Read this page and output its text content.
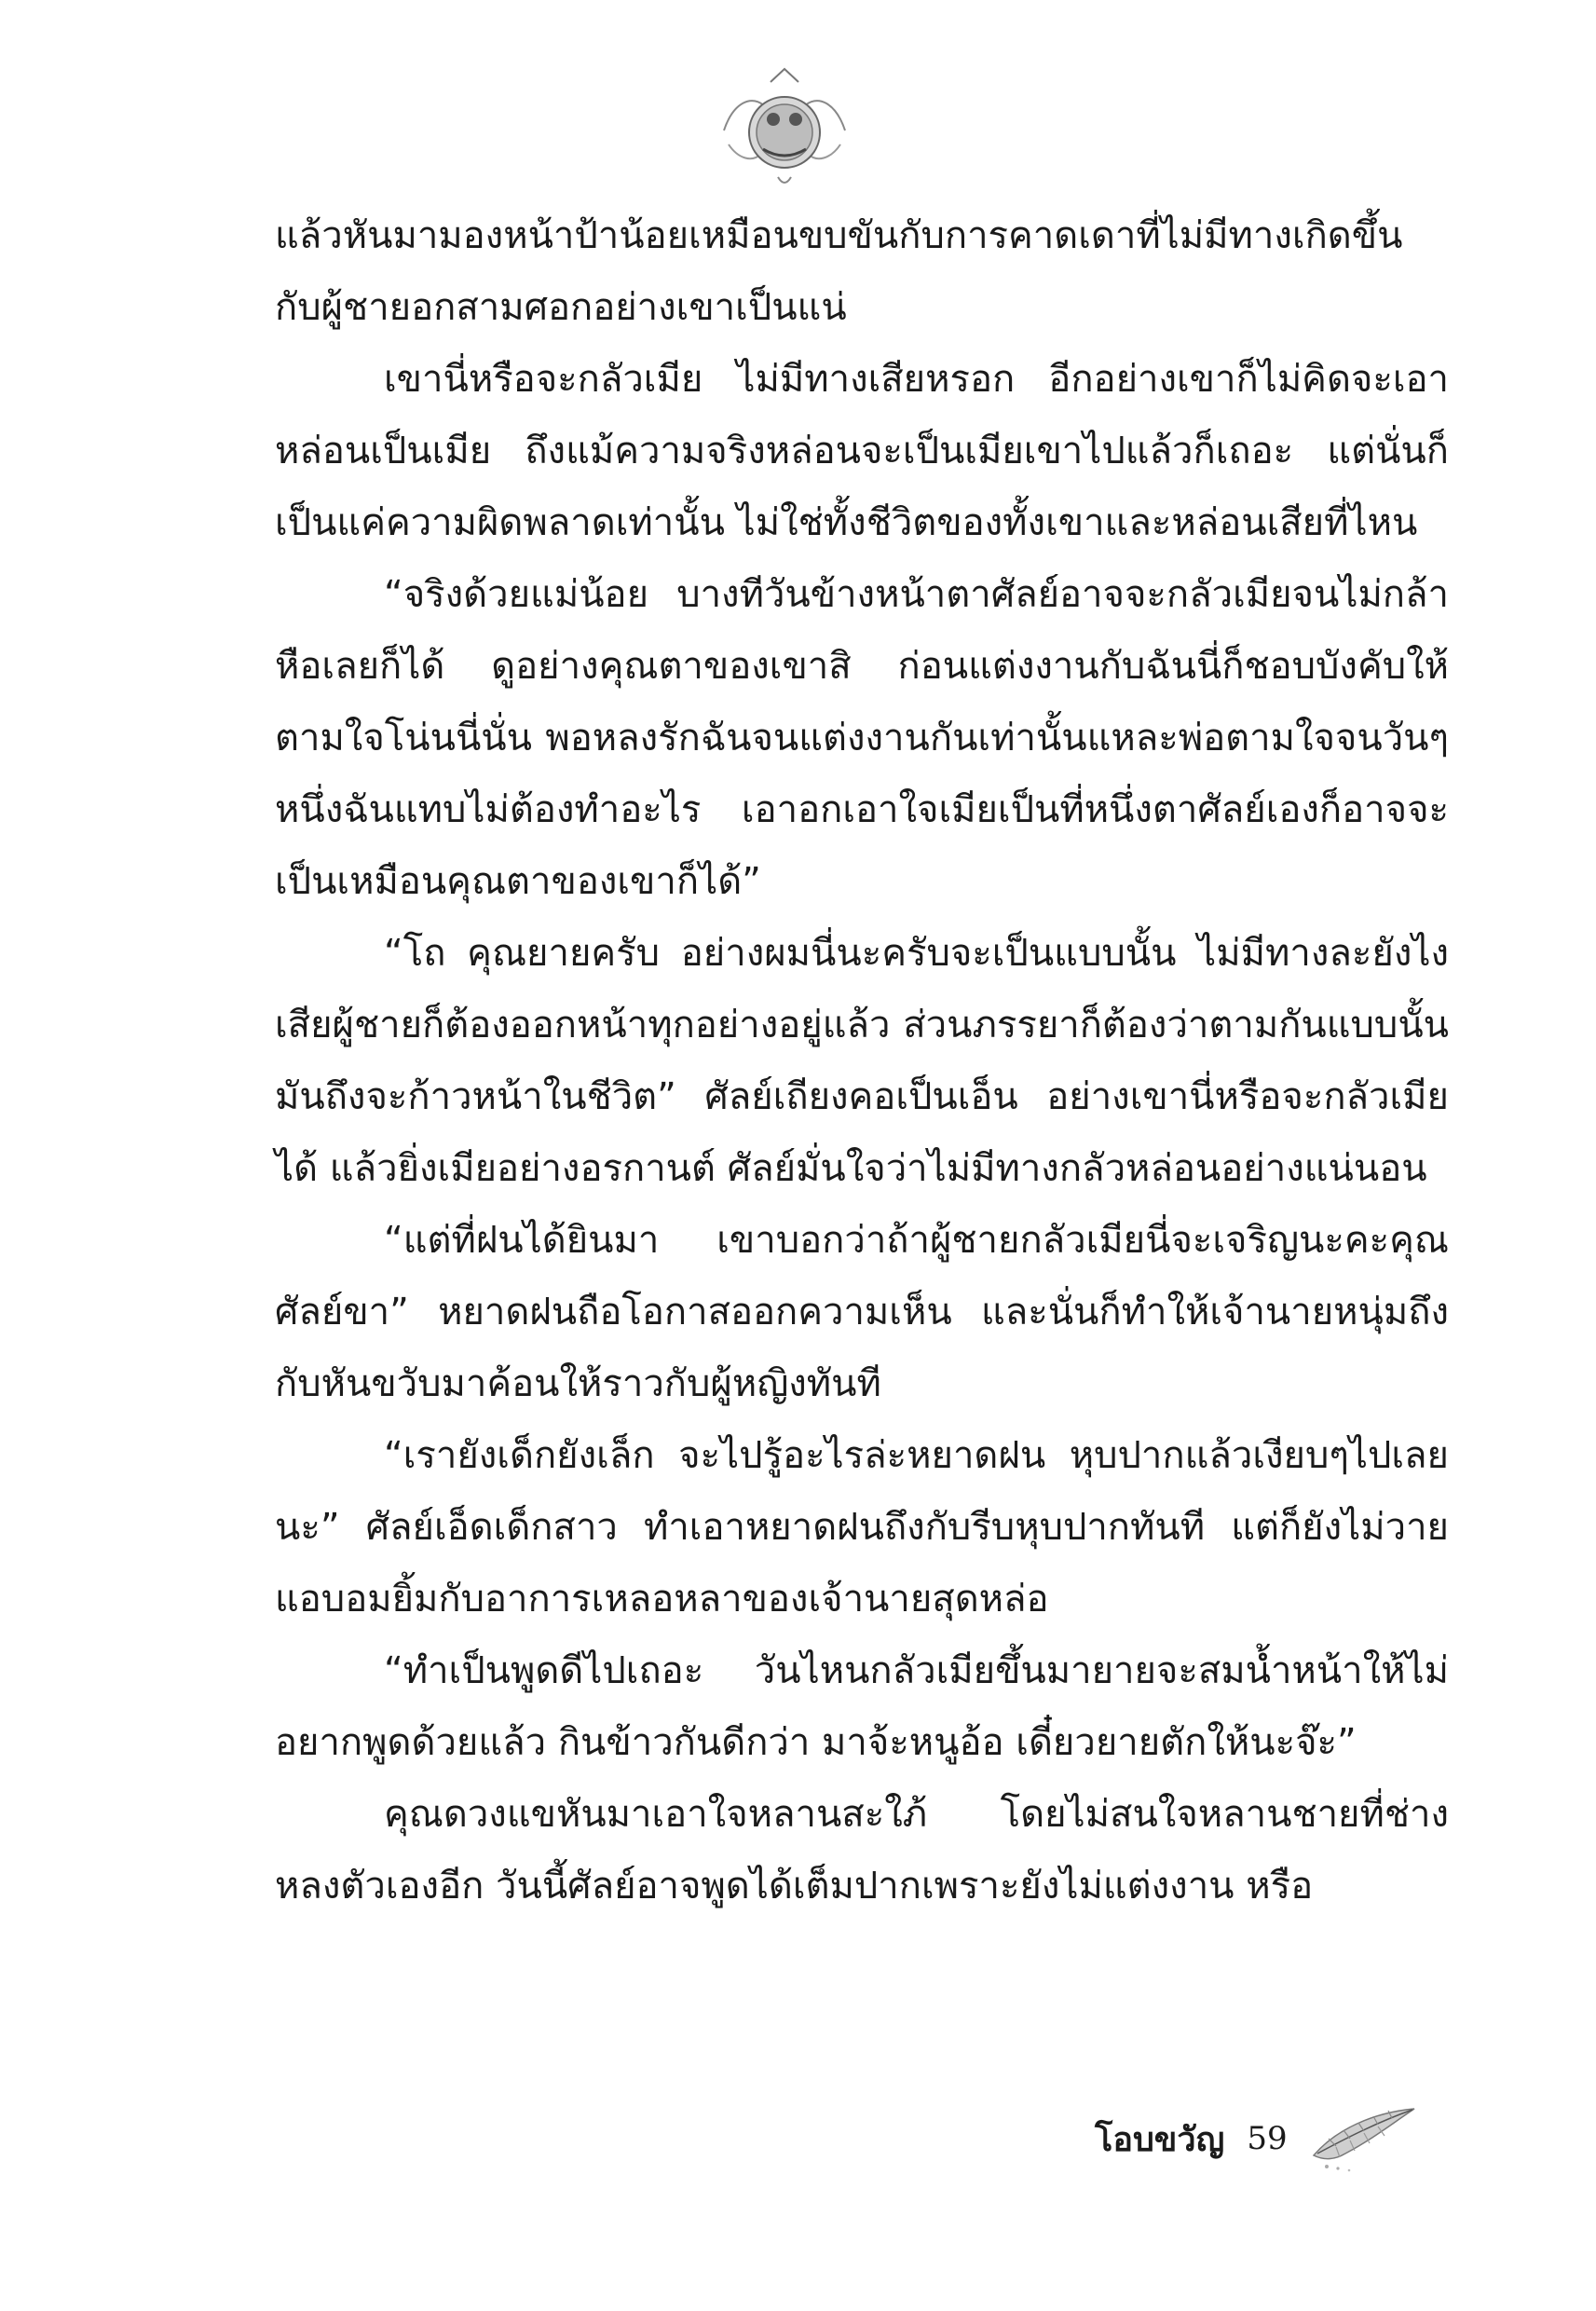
แล้วหันมามองหน้าป้าน้อยเหมือนขบขันกับการคาดเดาที่ไม่มีทางเกิดขึ้นกับผู้ชายอกสามศอกอย่างเขาเป็นแน่

เขานี่หรือจะกลัวเมีย ไม่มีทางเสียหรอก อีกอย่างเขาก็ไม่คิดจะเอาหล่อนเป็นเมีย ถึงแม้ความจริงหล่อนจะเป็นเมียเขาไปแล้วก็เถอะ แต่นั่นก็เป็นแค่ความผิดพลาดเท่านั้น ไม่ใช่ทั้งชีวิตของทั้งเขาและหล่อนเสียที่ไหน

“จริงด้วยแม่น้อย บางทีวันข้างหน้าตาศัลย์อาจจะกลัวเมียจนไม่กล้าหือเลยก็ได้ ดูอย่างคุณตาของเขาสิ ก่อนแต่งงานกับฉันนี่ก็ชอบบังคับให้ตามใจโน่นนี่นั่น พอหลงรักฉันจนแต่งงานกันเท่านั้นแหละพ่อตามใจจนวันๆ หนึ่งฉันแทบไม่ต้องทำอะไร เอาอกเอาใจเมียเป็นที่หนึ่งตาศัลย์เองก็อาจจะเป็นเหมือนคุณตาของเขาก็ได้”

“โถ คุณยายครับ อย่างผมนี่นะครับจะเป็นแบบนั้น ไม่มีทางละยังไงเสียผู้ชายก็ต้องออกหน้าทุกอย่างอยู่แล้ว ส่วนภรรยาก็ต้องว่าตามกันแบบนั้นมันถึงจะก้าวหน้าในชีวิต” ศัลย์เถียงคอเป็นเอ็น อย่างเขานี่หรือจะกลัวเมียได้ แล้วยิ่งเมียอย่างอรกานต์ ศัลย์มั่นใจว่าไม่มีทางกลัวหล่อนอย่างแน่นอน

“แต่ที่ฝนได้ยินมา เขาบอกว่าถ้าผู้ชายกลัวเมียนี่จะเจริญนะคะคุณศัลย์ขา” หยาดฝนถือโอกาสออกความเห็น และนั่นก็ทำให้เจ้านายหนุ่มถึงกับหันขวับมาค้อนให้ราวกับผู้หญิงทันที

“เรายังเด็กยังเล็ก จะไปรู้อะไรล่ะหยาดฝน หุบปากแล้วเงียบๆไปเลยนะ” ศัลย์เอ็ดเด็กสาว ทำเอาหยาดฝนถึงกับรีบหุบปากทันที แต่ก็ยังไม่วายแอบอมยิ้มกับอาการเหลอหลาของเจ้านายสุดหล่อ

“ทำเป็นพูดดีไปเถอะ วันไหนกลัวเมียขึ้นมายายจะสมน้ำหน้าให้ไม่อยากพูดด้วยแล้ว กินข้าวกันดีกว่า มาจ้ะหนูอ้อ เดี๋ยวยายตักให้นะจ๊ะ”

คุณดวงแขหันมาเอาใจหลานสะใภ้ โดยไม่สนใจหลานชายที่ช่างหลงตัวเองอีก วันนี้ศัลย์อาจพูดได้เต็มปากเพราะยังไม่แต่งงาน หรือ

โอบขวัญ 59
